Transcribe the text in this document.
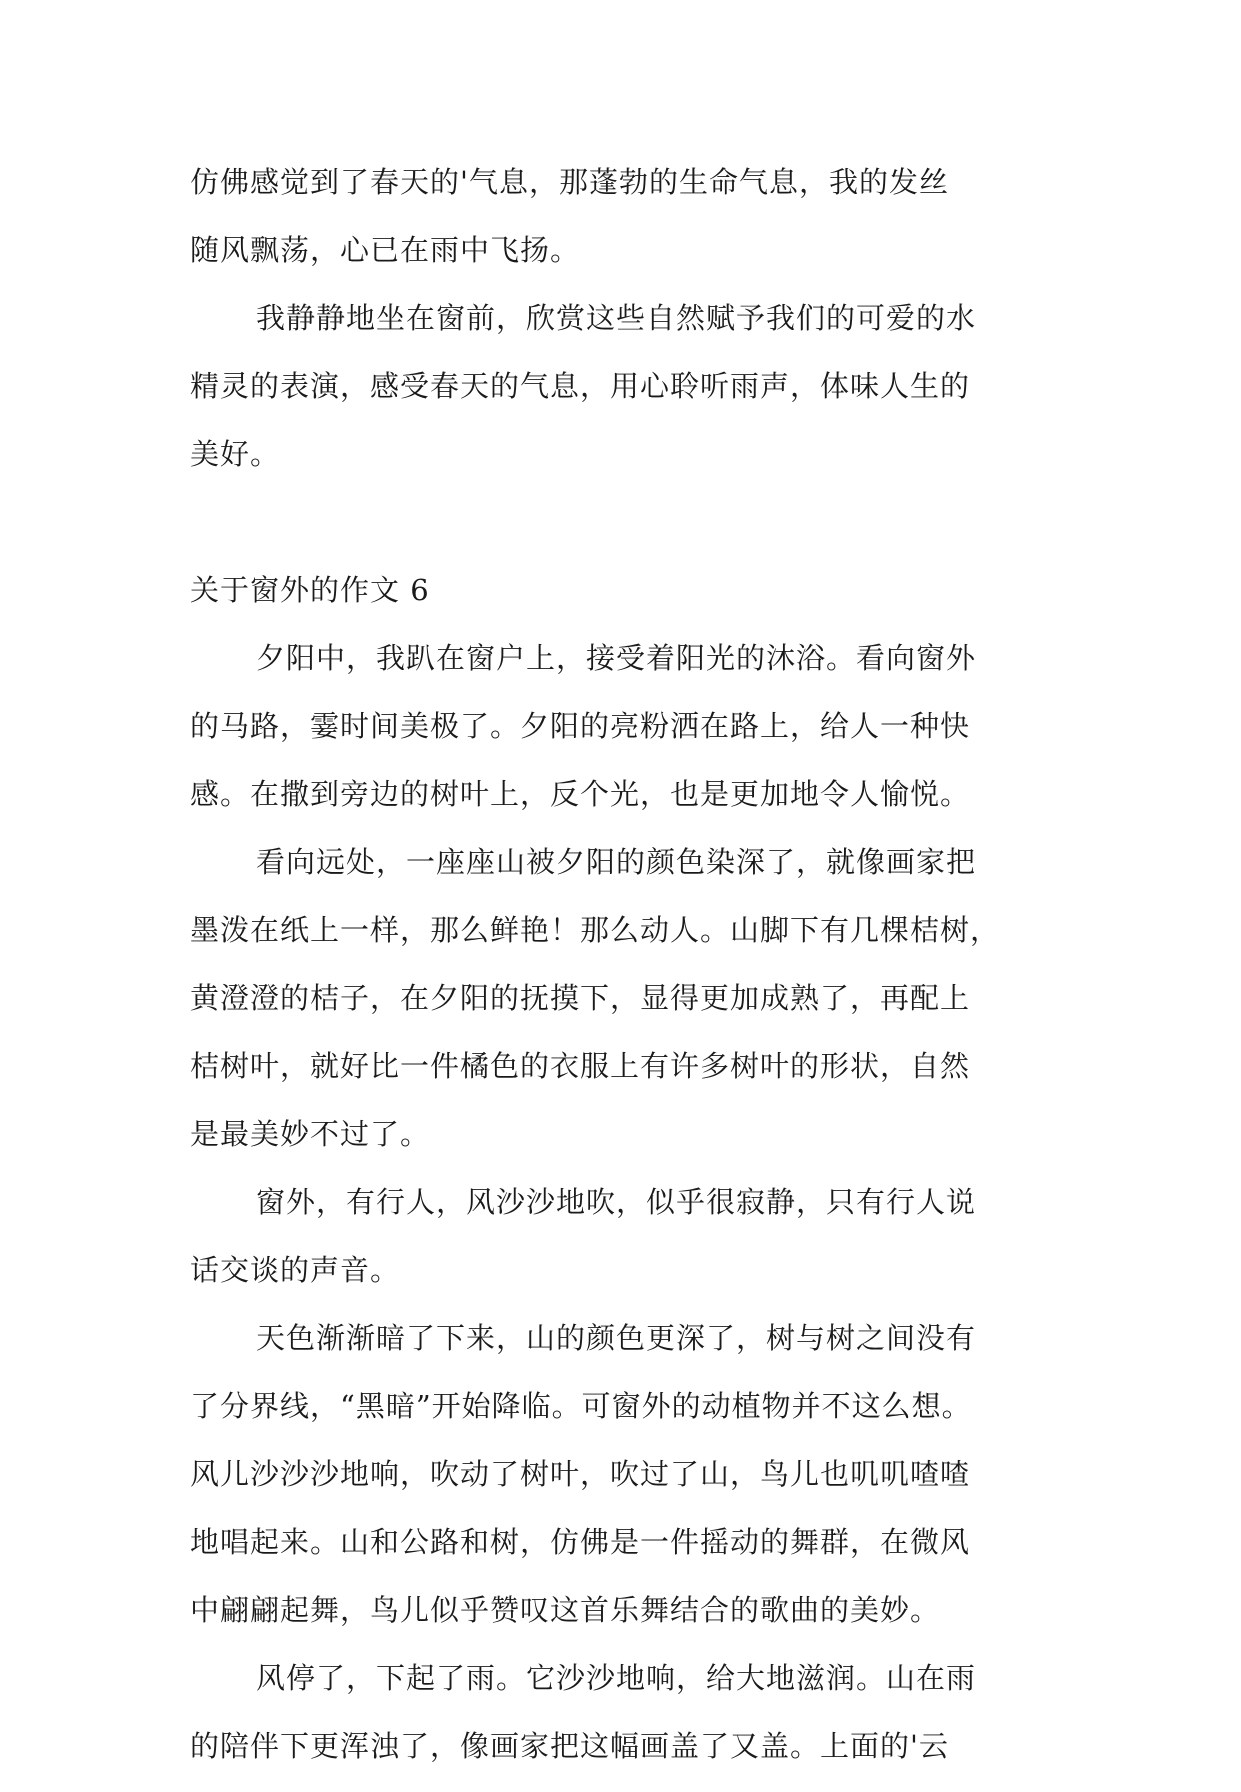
仿佛感觉到了春天的'气息，那蓬勃的生命气息，我的发丝
随风飘荡，心已在雨中飞扬。
我静静地坐在窗前，欣赏这些自然赋予我们的可爱的水
精灵的表演，感受春天的气息，用心聆听雨声，体味人生的
美好。
关于窗外的作文 6
夕阳中，我趴在窗户上，接受着阳光的沐浴。看向窗外
的马路，霎时间美极了。夕阳的亮粉洒在路上，给人一种快
感。在撒到旁边的树叶上，反个光，也是更加地令人愉悦。
看向远处，一座座山被夕阳的颜色染深了，就像画家把
墨泼在纸上一样，那么鲜艳！那么动人。山脚下有几棵桔树，
黄澄澄的桔子，在夕阳的抚摸下，显得更加成熟了，再配上
桔树叶，就好比一件橘色的衣服上有许多树叶的形状，自然
是最美妙不过了。
窗外，有行人，风沙沙地吹，似乎很寂静，只有行人说
话交谈的声音。
天色渐渐暗了下来，山的颜色更深了，树与树之间没有
了分界线，“黑暗”开始降临。可窗外的动植物并不这么想。
风儿沙沙沙地响，吹动了树叶，吹过了山，鸟儿也叽叽喳喳
地唱起来。山和公路和树，仿佛是一件摇动的舞群，在微风
中翩翩起舞，鸟儿似乎赞叹这首乐舞结合的歌曲的美妙。
风停了，下起了雨。它沙沙地响，给大地滋润。山在雨
的陪伴下更浑浊了，像画家把这幅画盖了又盖。上面的'云
